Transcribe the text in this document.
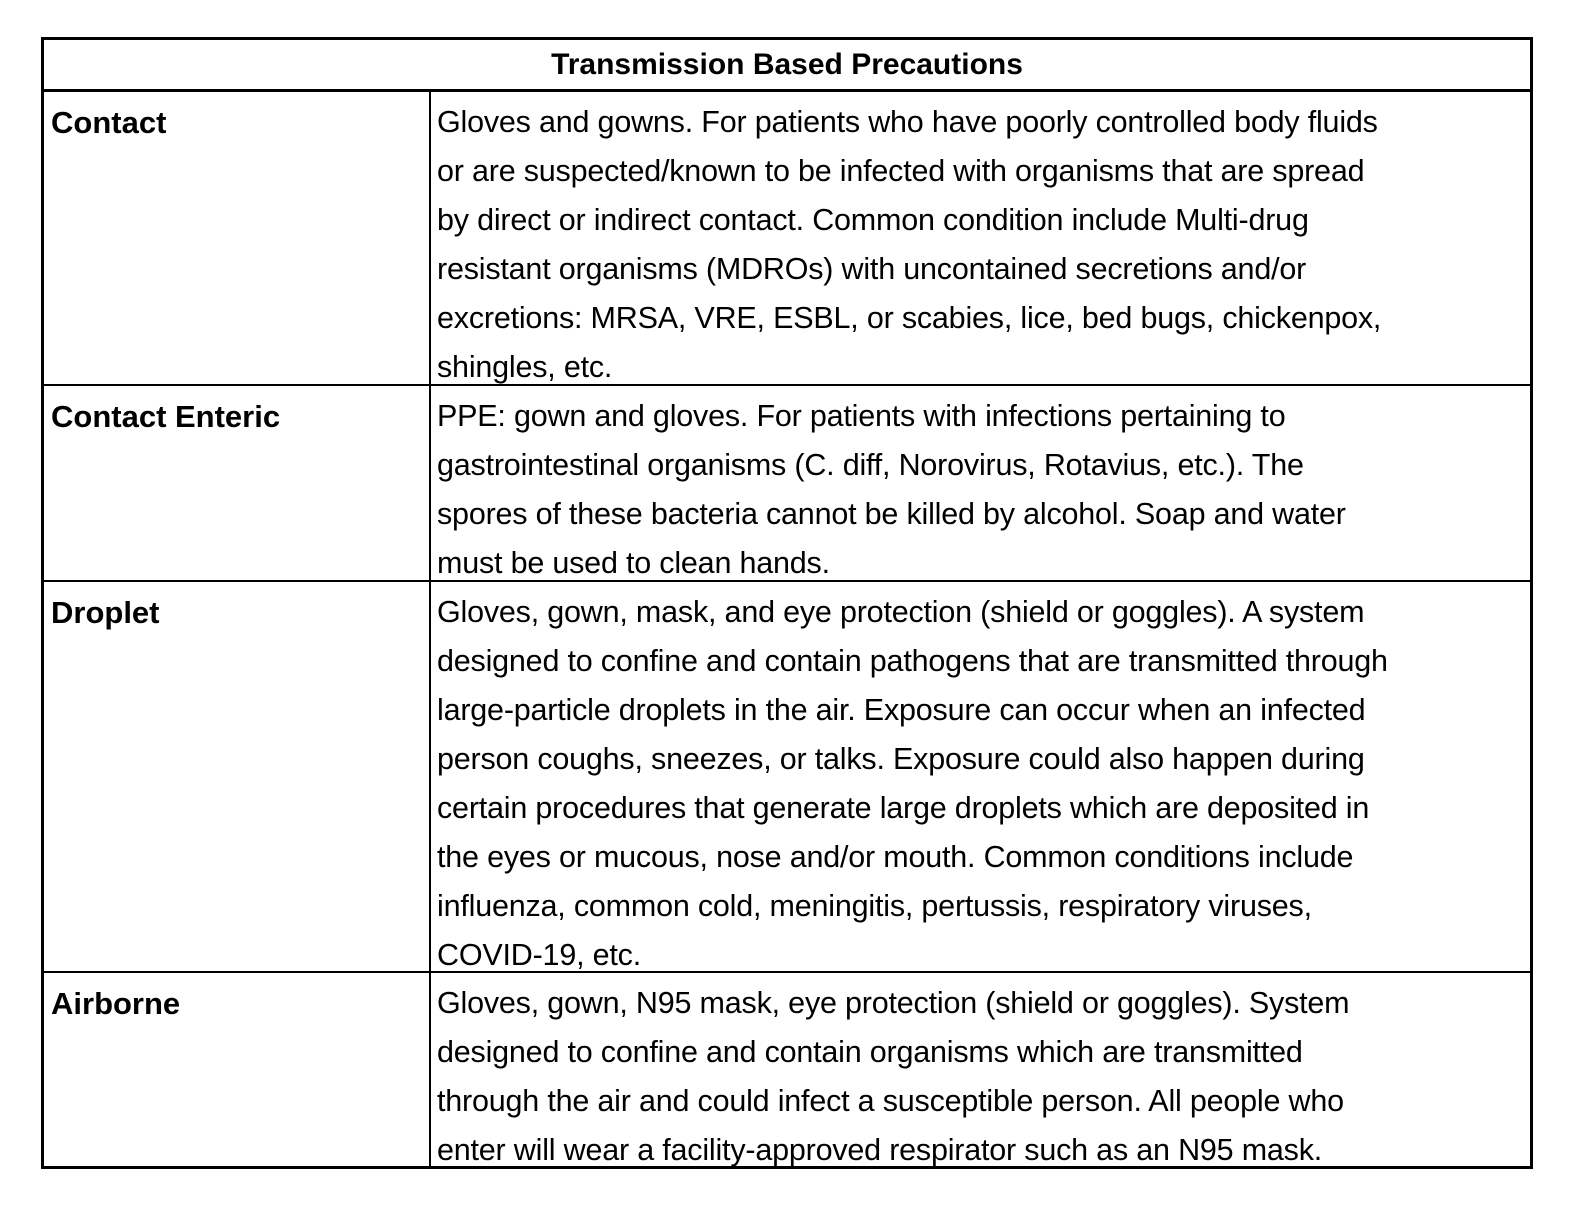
Transmission Based Precautions
Contact	Gloves and gowns. For patients who have poorly controlled body fluids
or are suspected/known to be infected with organisms that are spread
by direct or indirect contact. Common condition include Multi-drug
resistant organisms (MDROs) with uncontained secretions and/or
excretions: MRSA, VRE, ESBL, or scabies, lice, bed bugs, chickenpox,
shingles, etc.
Contact Enteric	PPE: gown and gloves. For patients with infections pertaining to
gastrointestinal organisms (C. diff, Norovirus, Rotavius, etc.). The
spores of these bacteria cannot be killed by alcohol. Soap and water
must be used to clean hands.
Droplet	Gloves, gown, mask, and eye protection (shield or goggles). A system
designed to confine and contain pathogens that are transmitted through
large-particle droplets in the air. Exposure can occur when an infected
person coughs, sneezes, or talks. Exposure could also happen during
certain procedures that generate large droplets which are deposited in
the eyes or mucous, nose and/or mouth. Common conditions include
influenza, common cold, meningitis, pertussis, respiratory viruses,
COVID-19, etc.
Airborne	Gloves, gown, N95 mask, eye protection (shield or goggles). System
designed to confine and contain organisms which are transmitted
through the air and could infect a susceptible person. All people who
enter will wear a facility-approved respirator such as an N95 mask.
